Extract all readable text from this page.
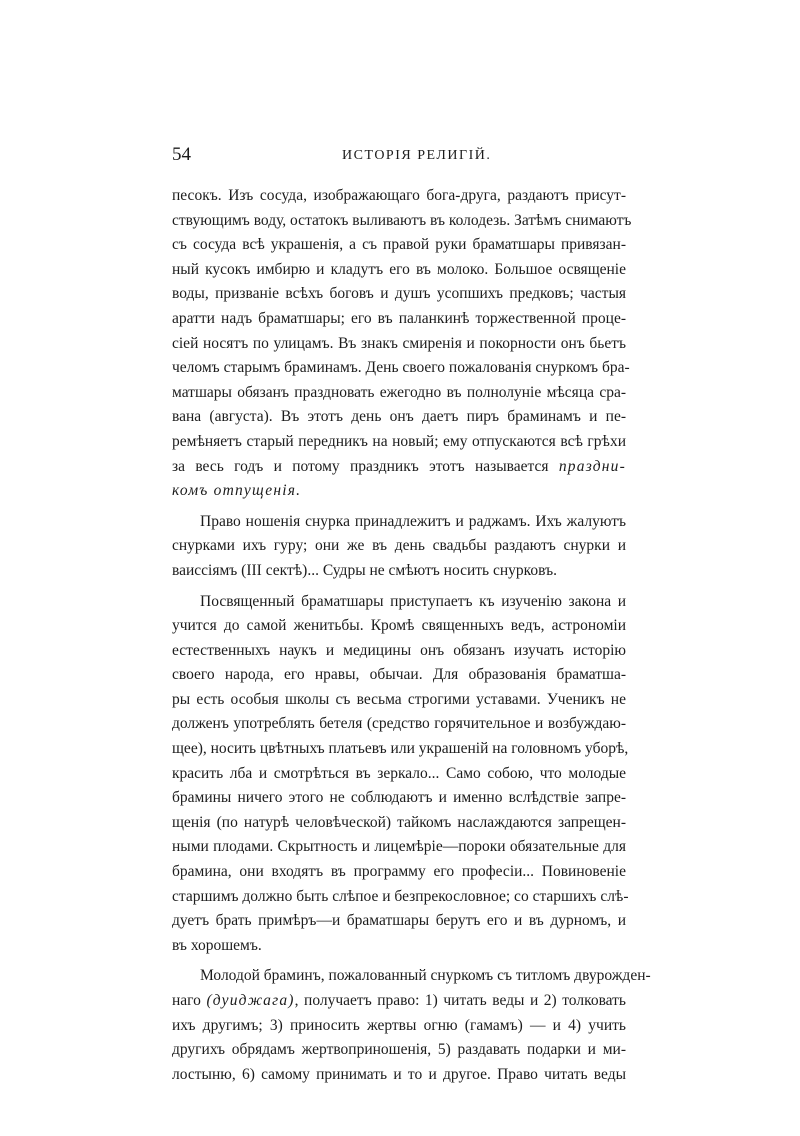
54	ИСТОРІЯ РЕЛИГІЙ.
песокъ. Изъ сосуда, изображающаго бога-друга, раздаютъ присут-
ствующимъ воду, остатокъ выливаютъ въ колодезь. Затѣмъ снимаютъ
съ сосуда всѣ украшенія, а съ правой руки браматшары привязан-
ный кусокъ имбирю и кладутъ его въ молоко. Большое освященіе
воды, призваніе всѣхъ боговъ и душъ усопшихъ предковъ; частыя
аратти надъ браматшары; его въ паланкинѣ торжественной проце-
сіей носятъ по улицамъ. Въ знакъ смиренія и покорности онъ бьетъ
челомъ старымъ браминамъ. День своего пожалованія снуркомъ бра-
матшары обязанъ праздновать ежегодно въ полнолуніе мѣсяца сра-
вана (августа). Въ этотъ день онъ даетъ пиръ браминамъ и пе-
ремѣняетъ старый передникъ на новый; ему отпускаются всѣ грѣхи
за весь годъ и потому праздникъ этотъ называется праздни-
комъ отпущенія.
Право ношенія снурка принадлежитъ и раджамъ. Ихъ жалуютъ
снурками ихъ гуру; они же въ день свадьбы раздаютъ снурки и
ваиссіямъ (III сектѣ)... Судры не смѣютъ носить снурковъ.
Посвященный браматшары приступаетъ къ изученію закона и
учится до самой женитьбы. Кромѣ священныхъ ведъ, астрономіи
естественныхъ наукъ и медицины онъ обязанъ изучать исторію
своего народа, его нравы, обычаи. Для образованія браматша-
ры есть особыя школы съ весьма строгими уставами. Ученикъ не
долженъ употреблять бетеля (средство горячительное и возбуждаю-
щее), носить цвѣтныхъ платьевъ или украшеній на головномъ уборѣ,
красить лба и смотрѣться въ зеркало... Само собою, что молодые
брамины ничего этого не соблюдаютъ и именно вслѣдствіе запре-
щенія (по натурѣ человѣческой) тайкомъ наслаждаются запрещен-
ными плодами. Скрытность и лицемѣріе—пороки обязательные для
брамина, они входятъ въ программу его професіи... Повиновеніе
старшимъ должно быть слѣпое и безпрекословное; со старшихъ слѣ-
дуетъ брать примѣръ—и браматшары берутъ его и въ дурномъ, и
въ хорошемъ.
Молодой браминъ, пожалованный снуркомъ съ титломъ двурожден-
наго (дуиджага), получаетъ право: 1) читать веды и 2) толковать
ихъ другимъ; 3) приносить жертвы огню (гамамъ) — и 4) учить
другихъ обрядамъ жертвоприношенія, 5) раздавать подарки и ми-
лостыню, 6) самому принимать и то и другое. Право читать веды
